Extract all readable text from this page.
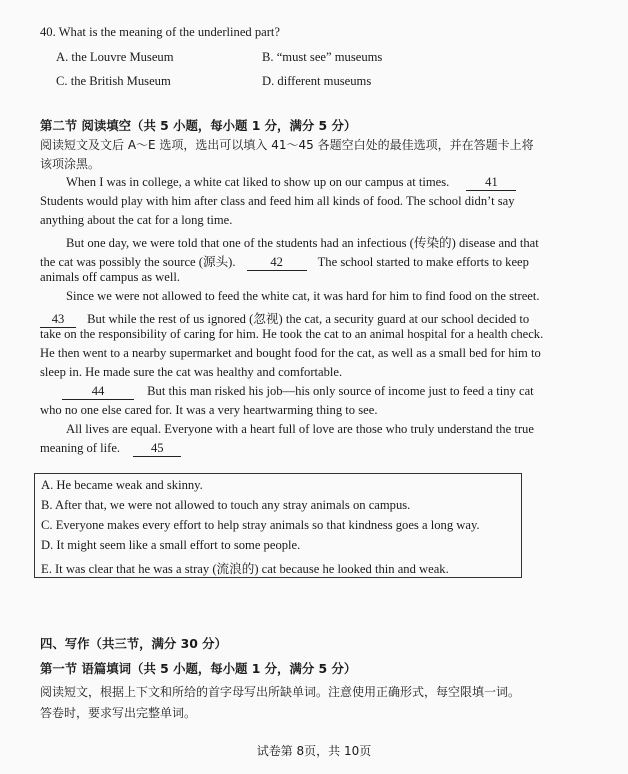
40. What is the meaning of the underlined part?
A. the Louvre Museum	B. “must see” museums
C. the British Museum	D. different museums
第二节 阅读填空（共 5 小题，每小题 1 分，满分 5 分）
阅读短文及文后 A～E 选项，选出可以填入 41～45 各题空白处的最佳选项，并在答题卡上将
该项涂黑。
When I was in college, a white cat liked to show up on our campus at times.	41
Students would play with him after class and feed him all kinds of food. The school didn’t say
anything about the cat for a long time.
But one day, we were told that one of the students had an infectious (传染的) disease and that
the cat was possibly the source (源头).	42	The school started to make efforts to keep
animals off campus as well.
Since we were not allowed to feed the white cat, it was hard for him to find food on the street.
43 But while the rest of us ignored (忽视) the cat, a security guard at our school decided to
take on the responsibility of caring for him. He took the cat to an animal hospital for a health check.
He then went to a nearby supermarket and bought food for the cat, as well as a small bed for him to
sleep in. He made sure the cat was healthy and comfortable.
44	But this man risked his job—his only source of income just to feed a tiny cat
who no one else cared for. It was a very heartwarming thing to see.
All lives are equal. Everyone with a heart full of love are those who truly understand the true
meaning of life. 45
A. He became weak and skinny.
B. After that, we were not allowed to touch any stray animals on campus.
C. Everyone makes every effort to help stray animals so that kindness goes a long way.
D. It might seem like a small effort to some people.
E. It was clear that he was a stray (流浪的) cat because he looked thin and weak.
四、写作（共三节，满分 30 分）
第一节 语篇填词（共 5 小题，每小题 1 分，满分 5 分）
阅读短文，根据上下文和所给的首字母写出所缺单词。注意使用正确形式，每空限填一词。
答卷时，要求写出完整单词。
试卷第 8页，共 10页
